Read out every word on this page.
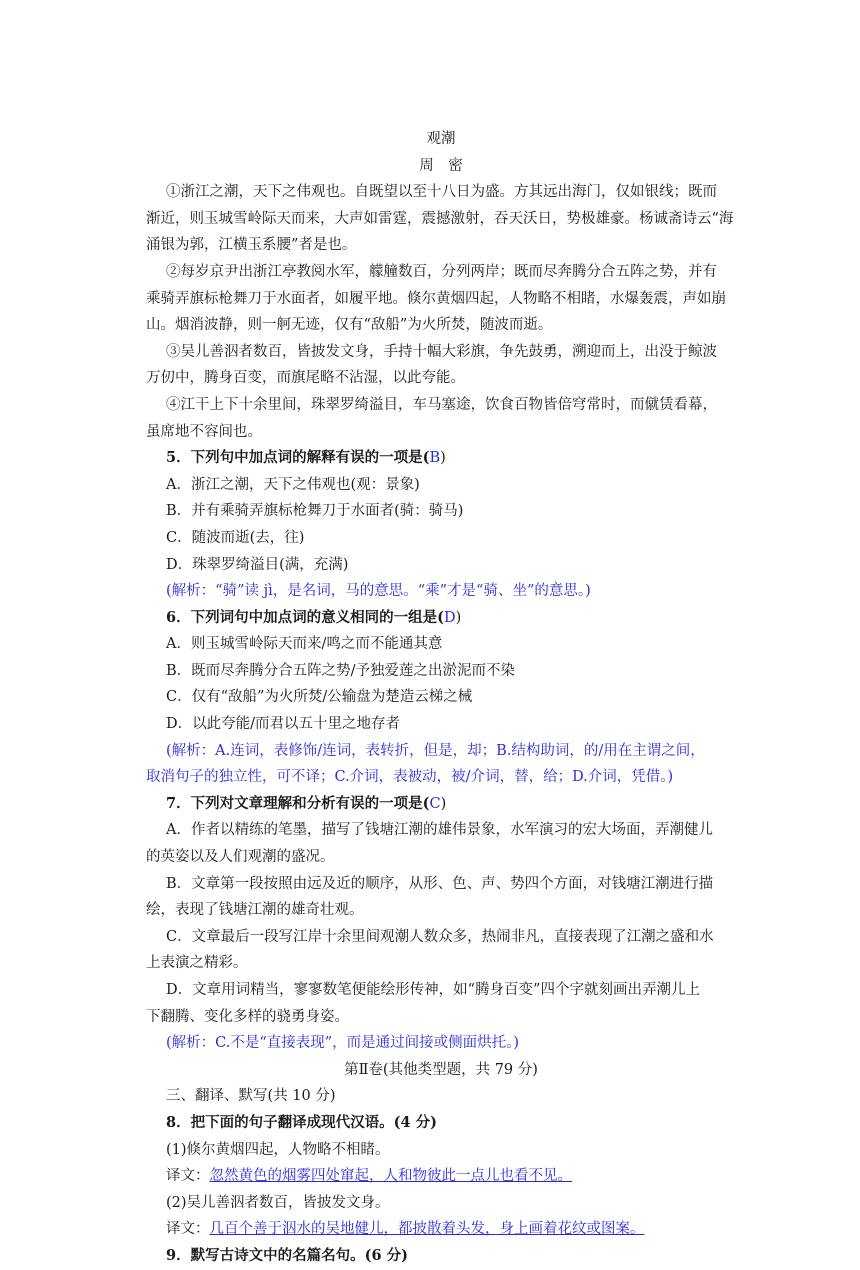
观潮
周　密
①浙江之潮，天下之伟观也。自既望以至十八日为盛。方其远出海门，仅如银线；既而
渐近，则玉城雪岭际天而来，大声如雷霆，震撼激射，吞天沃日，势极雄豪。杨诚斋诗云“海
涌银为郭，江横玉系腰”者是也。
②每岁京尹出浙江亭教阅水军，艨艟数百，分列两岸；既而尽奔腾分合五阵之势，并有
乘骑弄旗标枪舞刀于水面者，如履平地。倏尔黄烟四起，人物略不相睹，水爆轰震，声如崩
山。烟消波静，则一舸无迹，仅有“敌船”为火所焚，随波而逝。
③吴儿善泅者数百，皆披发文身，手持十幅大彩旗，争先鼓勇，溯迎而上，出没于鲸波
万仞中，腾身百变，而旗尾略不沾湿，以此夸能。
④江干上下十余里间，珠翠罗绮溢目，车马塞途，饮食百物皆倍穹常时，而僦赁看幕，
虽席地不容间也。
5．下列句中加点词的解释有误的一项是(B)
A．浙江之潮，天下之伟观也(观：景象)
B．并有乘骑弄旗标枪舞刀于水面者(骑：骑马)
C．随波而逝(去，往)
D．珠翠罗绮溢目(满，充满)
(解析：“骑”读 jì，是名词，马的意思。“乘”才是“骑、坐”的意思。)
6．下列词句中加点词的意义相同的一组是(D)
A．则玉城雪岭际天而来/鸣之而不能通其意
B．既而尽奔腾分合五阵之势/予独爱莲之出淤泥而不染
C．仅有“敌船”为火所焚/公输盘为楚造云梯之械
D．以此夸能/而君以五十里之地存者
(解析：A.连词，表修饰/连词，表转折，但是，却；B.结构助词，的/用在主谓之间，
取消句子的独立性，可不译；C.介词，表被动，被/介词，替，给；D.介词，凭借。)
7．下列对文章理解和分析有误的一项是(C)
A．作者以精练的笔墨，描写了钱塘江潮的雄伟景象，水军演习的宏大场面，弄潮健儿
的英姿以及人们观潮的盛况。
B．文章第一段按照由远及近的顺序，从形、色、声、势四个方面，对钱塘江潮进行描
绘，表现了钱塘江潮的雄奇壮观。
C．文章最后一段写江岸十余里间观潮人数众多，热闹非凡，直接表现了江潮之盛和水
上表演之精彩。
D．文章用词精当，寥寥数笔便能绘形传神，如“腾身百变”四个字就刻画出弄潮儿上
下翻腾、变化多样的骁勇身姿。
(解析：C.不是“直接表现”，而是通过间接或侧面烘托。)
第Ⅱ卷(其他类型题，共 79 分)
三、翻译、默写(共 10 分)
8．把下面的句子翻译成现代汉语。(4 分)
(1)倏尔黄烟四起，人物略不相睹。
译文：忽然黄色的烟雾四处窜起，人和物彼此一点儿也看不见。
(2)吴儿善泅者数百，皆披发文身。
译文：几百个善于泅水的吴地健儿，都披散着头发，身上画着花纹或图案。
9．默写古诗文中的名篇名句。(6 分)
